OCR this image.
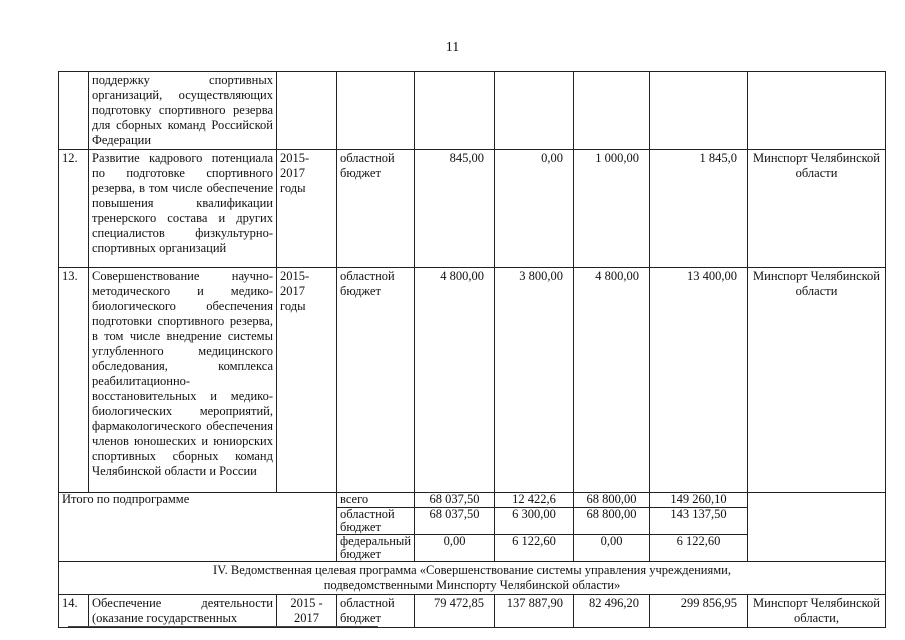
11
	поддержку спортивных организаций, осуществляющих подготовку спортивного резерва для сборных команд Российской Федерации							
12.	Развитие кадрового потенциала по подготовке спортивного резерва, в том числе обеспечение повышения квалификации тренерского состава и других специалистов физкультурно-спортивных организаций	2015-2017 годы	областной бюджет	845,00	0,00	1 000,00	1 845,0	Минспорт Челябинской области
13.	Совершенствование научно-методического и медико-биологического обеспечения подготовки спортивного резерва, в том числе внедрение системы углубленного медицинского обследования, комплекса реабилитационно-восстановительных и медико-биологических мероприятий, фармакологического обеспечения членов юношеских и юниорских спортивных сборных команд Челябинской области и России	2015-2017 годы	областной бюджет	4 800,00	3 800,00	4 800,00	13 400,00	Минспорт Челябинской области
Итого по подпрограмме			всего	68 037,50	12 422,6	68 800,00	149 260,10	
			областной бюджет	68 037,50	6 300,00	68 800,00	143 137,50	
			федеральный бюджет	0,00	6 122,60	0,00	6 122,60	
IV. Ведомственная целевая программа «Совершенствование системы управления учреждениями, подведомственными Минспорту Челябинской области»								
14.	Обеспечение деятельности (оказание государственных	2015 - 2017	областной бюджет	79 472,85	137 887,90	82 496,20	299 856,95	Минспорт Челябинской области,
